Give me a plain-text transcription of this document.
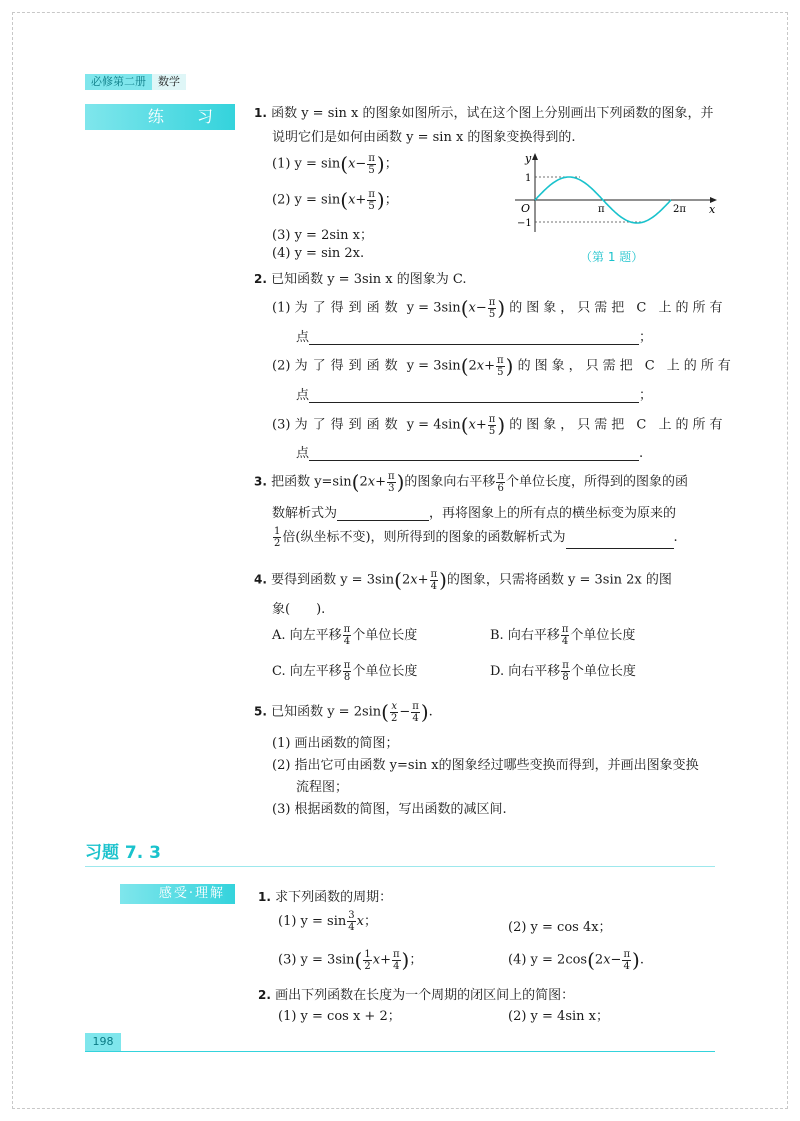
必修第二册	数学
练 习	1. 函数 y = sin x 的图象如图所示，试在这个图上分别画出下列函数的图象，并
说明它们是如何由函数 y = sin x 的图象变换得到的.
(1) $y = \sin(x- \frac{\pi}{5}$ )；
(2) $y = \sin(x+ \frac{\pi}{5}$ )；
(3) y = 2sin x；
(4) y = sin 2x.
y
x
O
1
−1
π	2π
（第 1 题）
2. 已知函数 y = 3sin x 的图象为 C.
(1) 为了得到函数 $y = 3\sin(x- \frac{\pi}{5}$ ) 的图象，只需把 C 上的所有
点	；
(2) 为了得到函数 $y = 3\sin(2x+ \frac{\pi}{5}$ ) 的图象，只需把 C 上的所有
点	；
(3) 为了得到函数 $y = 4\sin(x+ \frac{\pi}{5}$ ) 的图象，只需把 C 上的所有
点	.
3. 把函数 $y=\sin(2x+ \frac{\pi}{3}$ )的图象向右平移 $\frac{\pi}{6}$ 个单位长度，所得到的图象的函
数解析式为	，再将图象上的所有点的横坐标变为原来的
$\frac{1}{2}$ 倍(纵坐标不变)，则所得到的图象的函数解析式为	.
4. 要得到函数 $y = 3\sin(2x+ \frac{\pi}{4}$ )的图象，只需将函数 y = 3sin 2x 的图
象(　　).
A. 向左平移 $\frac{\pi}{4}$ 个单位长度	B. 向右平移 $\frac{\pi}{4}$ 个单位长度
C. 向左平移 $\frac{\pi}{8}$ 个单位长度	D. 向右平移 $\frac{\pi}{8}$ 个单位长度
5. 已知函数 $y = 2\sin( \frac{x}{2} - \frac{\pi}{4}$ ).
(1) 画出函数的简图；
(2) 指出它可由函数 y=sin x的图象经过哪些变换而得到，并画出图象变换
流程图；
(3) 根据函数的简图，写出函数的减区间.
习题 7. 3
感受·理解	1. 求下列函数的周期：
(1) $y = \sin \frac{3}{4}$ x；	(2) y = cos 4x；
(3) $y = 3\sin( \frac{1}{2} x+ \frac{\pi}{4}$ )；	(4) $y = 2\cos(2x- \frac{\pi}{4}$ ).
2. 画出下列函数在长度为一个周期的闭区间上的简图：
(1) y = cos x + 2；	(2) y = 4sin x；
198
